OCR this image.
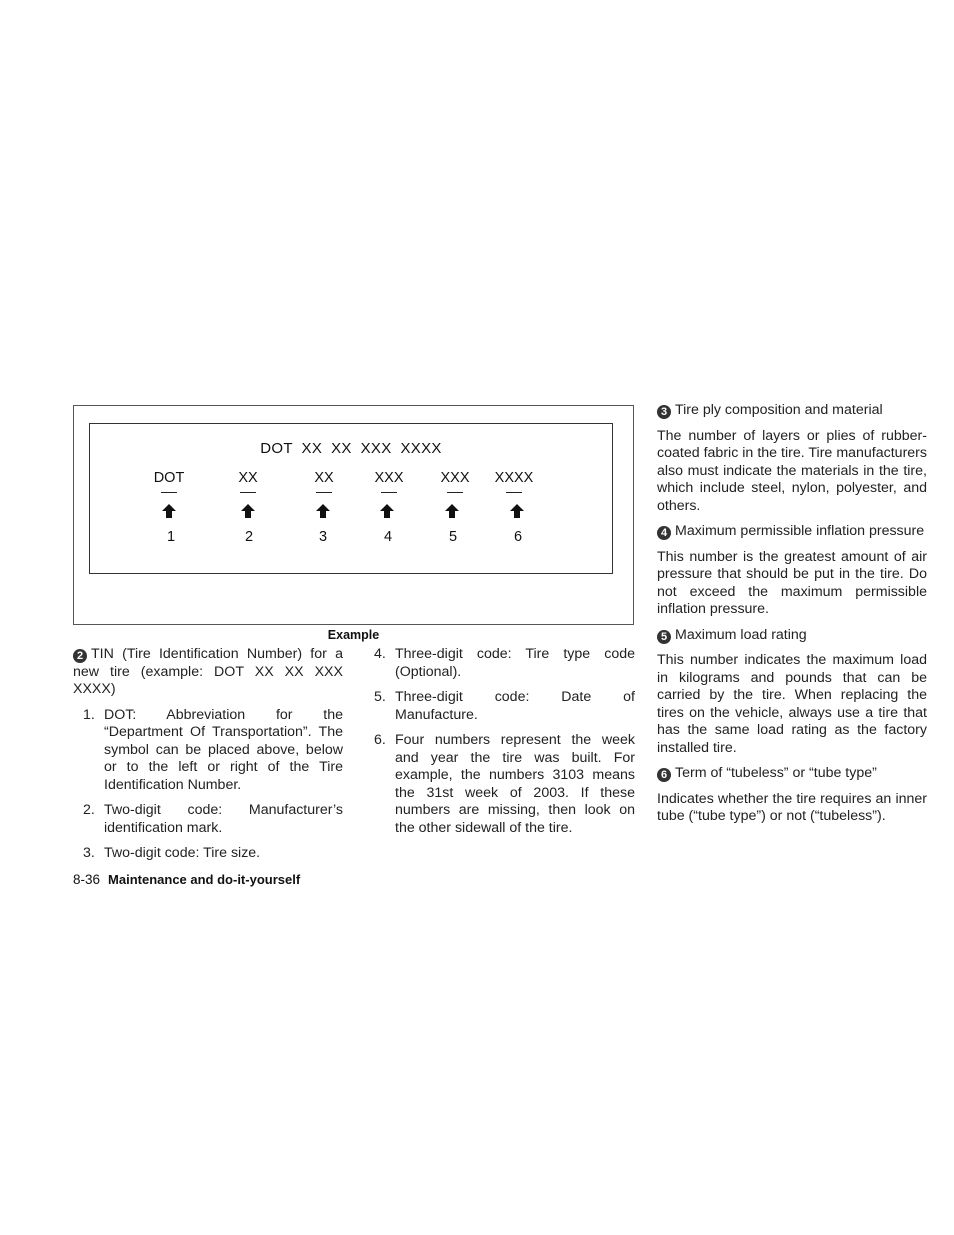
DOT  XX  XX  XXX  XXXX
DOT	XX	XX	XXX	XXX	XXXX
1	2	3	4	5	6
Example

2 TIN (Tire Identification Number) for a new tire (example: DOT XX XX XXX XXXX)

1. DOT: Abbreviation for the “Department Of Transportation”. The symbol can be placed above, below or to the left or right of the Tire Identification Number.
2. Two-digit code: Manufacturer’s identification mark.
3. Two-digit code: Tire size.
4. Three-digit code: Tire type code (Optional).
5. Three-digit code: Date of Manufacture.
6. Four numbers represent the week and year the tire was built. For example, the numbers 3103 means the 31st week of 2003. If these numbers are missing, then look on the other sidewall of the tire.

3 Tire ply composition and material

The number of layers or plies of rubber-coated fabric in the tire. Tire manufacturers also must indicate the materials in the tire, which include steel, nylon, polyester, and others.

4 Maximum permissible inflation pressure

This number is the greatest amount of air pressure that should be put in the tire. Do not exceed the maximum permissible inflation pressure.

5 Maximum load rating

This number indicates the maximum load in kilograms and pounds that can be carried by the tire. When replacing the tires on the vehicle, always use a tire that has the same load rating as the factory installed tire.

6 Term of “tubeless” or “tube type”

Indicates whether the tire requires an inner tube (“tube type”) or not (“tubeless”).

8-36 Maintenance and do-it-yourself
